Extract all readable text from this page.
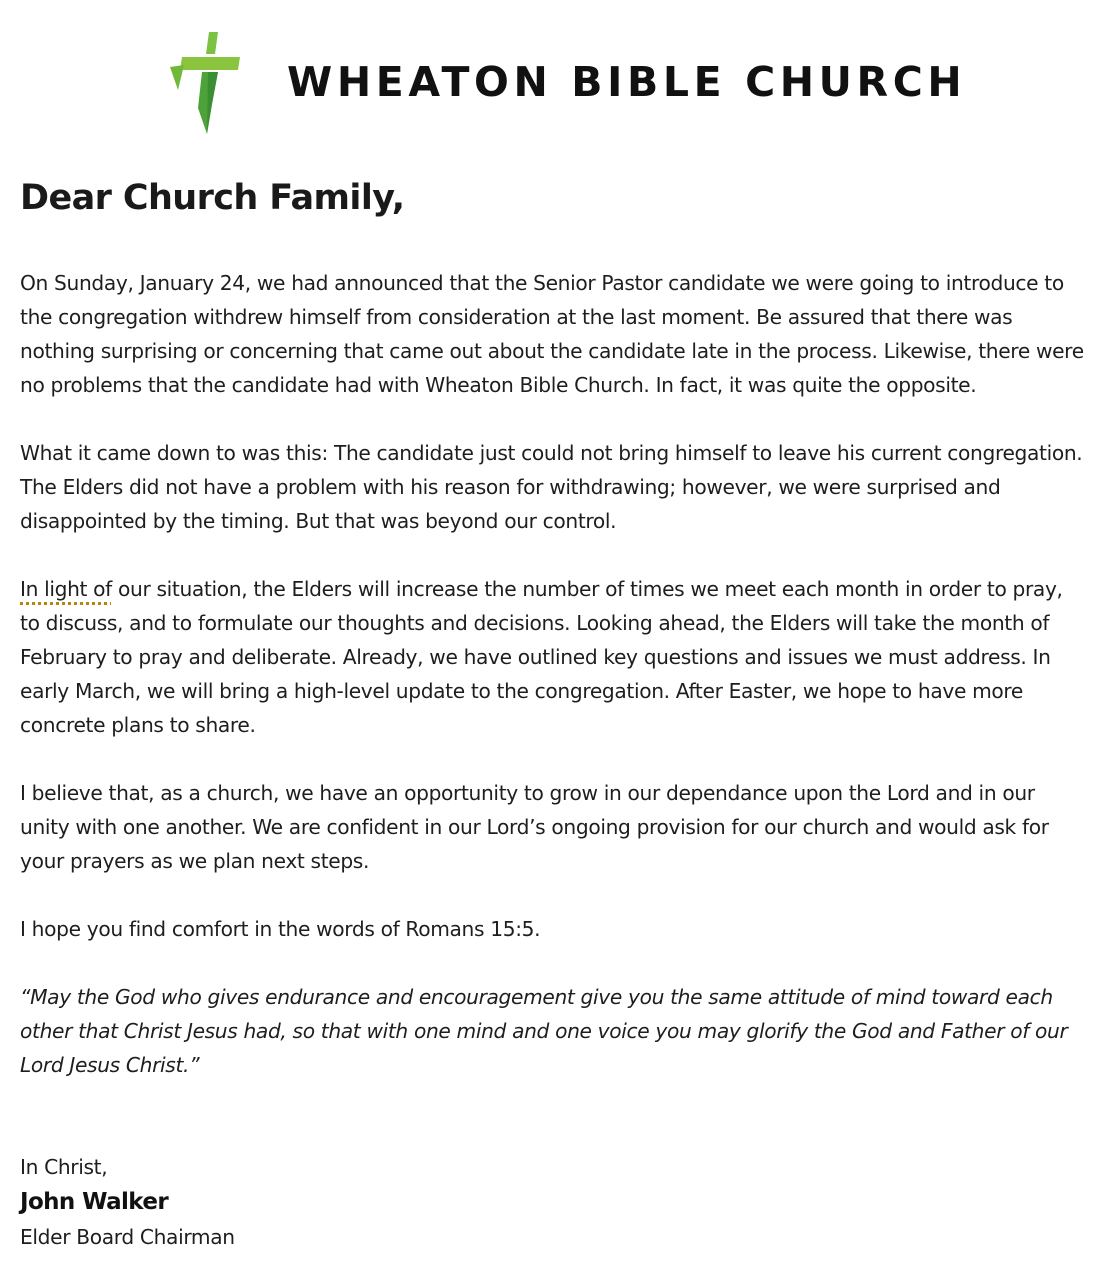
WHEATON BIBLE CHURCH
Dear Church Family,

On Sunday, January 24, we had announced that the Senior Pastor candidate we were going to introduce to the congregation withdrew himself from consideration at the last moment. Be assured that there was nothing surprising or concerning that came out about the candidate late in the process. Likewise, there were no problems that the candidate had with Wheaton Bible Church. In fact, it was quite the opposite.

What it came down to was this: The candidate just could not bring himself to leave his current congregation. The Elders did not have a problem with his reason for withdrawing; however, we were surprised and disappointed by the timing. But that was beyond our control.

In light of our situation, the Elders will increase the number of times we meet each month in order to pray, to discuss, and to formulate our thoughts and decisions. Looking ahead, the Elders will take the month of February to pray and deliberate. Already, we have outlined key questions and issues we must address. In early March, we will bring a high-level update to the congregation. After Easter, we hope to have more concrete plans to share.

I believe that, as a church, we have an opportunity to grow in our dependance upon the Lord and in our unity with one another. We are confident in our Lord’s ongoing provision for our church and would ask for your prayers as we plan next steps.

I hope you find comfort in the words of Romans 15:5.

“May the God who gives endurance and encouragement give you the same attitude of mind toward each other that Christ Jesus had, so that with one mind and one voice you may glorify the God and Father of our Lord Jesus Christ.”

In Christ,

John Walker

Elder Board Chairman
